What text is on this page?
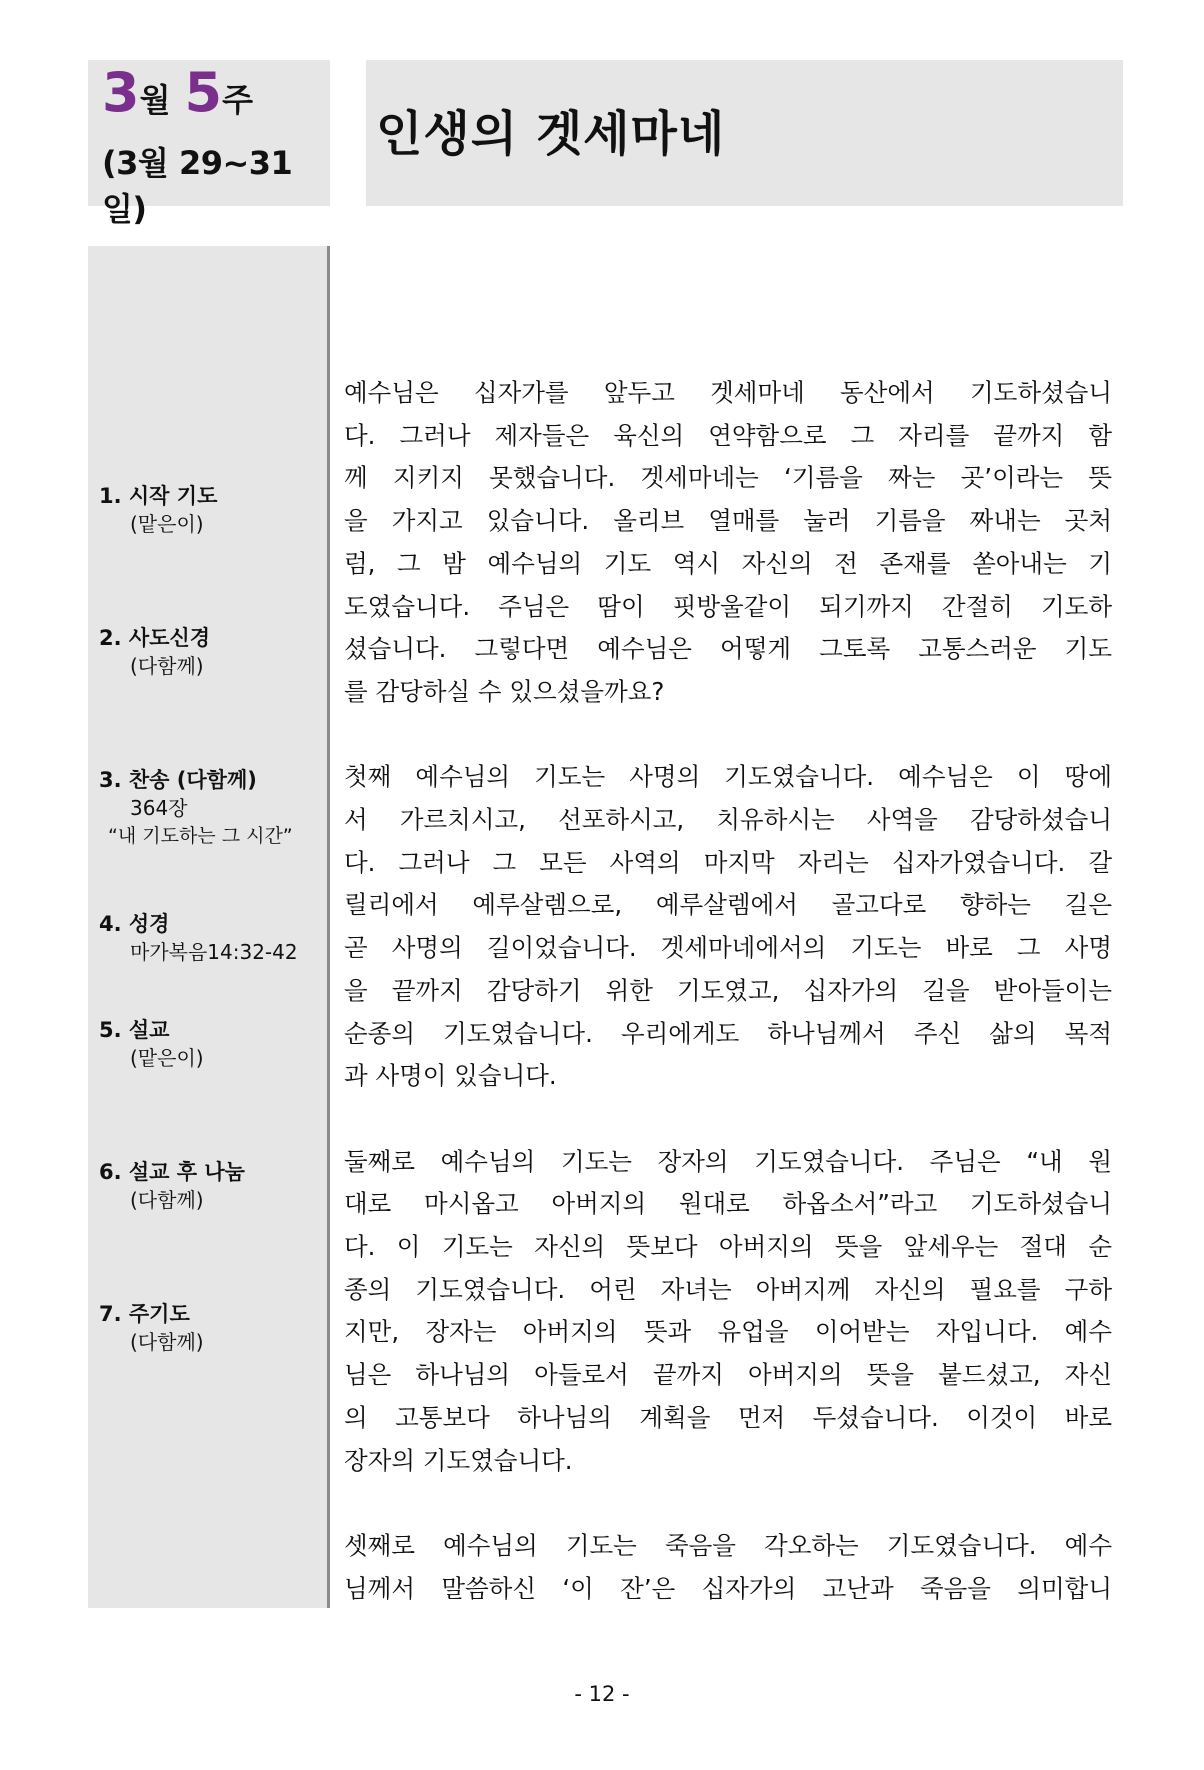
3 월 5 주
(3월 29~31일)
인생의 겟세마네
1. 시작 기도
(맡은이)
2. 사도신경
(다함께)
3. 찬송 (다함께)
364장
“내 기도하는 그 시간”
4. 성경
마가복음14:32-42
5. 설교
(맡은이)
6. 설교 후 나눔
(다함께)
7. 주기도
(다함께)
예수님은 십자가를 앞두고 겟세마네 동산에서 기도하셨습니
다. 그러나 제자들은 육신의 연약함으로 그 자리를 끝까지 함
께 지키지 못했습니다. 겟세마네는 ‘기름을 짜는 곳’이라는 뜻
을 가지고 있습니다. 올리브 열매를 눌러 기름을 짜내는 곳처
럼, 그 밤 예수님의 기도 역시 자신의 전 존재를 쏟아내는 기
도였습니다. 주님은 땀이 핏방울같이 되기까지 간절히 기도하
셨습니다. 그렇다면 예수님은 어떻게 그토록 고통스러운 기도
를 감당하실 수 있으셨을까요?
첫째 예수님의 기도는 사명의 기도였습니다. 예수님은 이 땅에
서 가르치시고, 선포하시고, 치유하시는 사역을 감당하셨습니
다. 그러나 그 모든 사역의 마지막 자리는 십자가였습니다. 갈
릴리에서 예루살렘으로, 예루살렘에서 골고다로 향하는 길은
곧 사명의 길이었습니다. 겟세마네에서의 기도는 바로 그 사명
을 끝까지 감당하기 위한 기도였고, 십자가의 길을 받아들이는
순종의 기도였습니다. 우리에게도 하나님께서 주신 삶의 목적
과 사명이 있습니다.
둘째로 예수님의 기도는 장자의 기도였습니다. 주님은 “내 원
대로 마시옵고 아버지의 원대로 하옵소서”라고 기도하셨습니
다. 이 기도는 자신의 뜻보다 아버지의 뜻을 앞세우는 절대 순
종의 기도였습니다. 어린 자녀는 아버지께 자신의 필요를 구하
지만, 장자는 아버지의 뜻과 유업을 이어받는 자입니다. 예수
님은 하나님의 아들로서 끝까지 아버지의 뜻을 붙드셨고, 자신
의 고통보다 하나님의 계획을 먼저 두셨습니다. 이것이 바로
장자의 기도였습니다.
셋째로 예수님의 기도는 죽음을 각오하는 기도였습니다. 예수
님께서 말씀하신 ‘이 잔’은 십자가의 고난과 죽음을 의미합니
- 12 -
